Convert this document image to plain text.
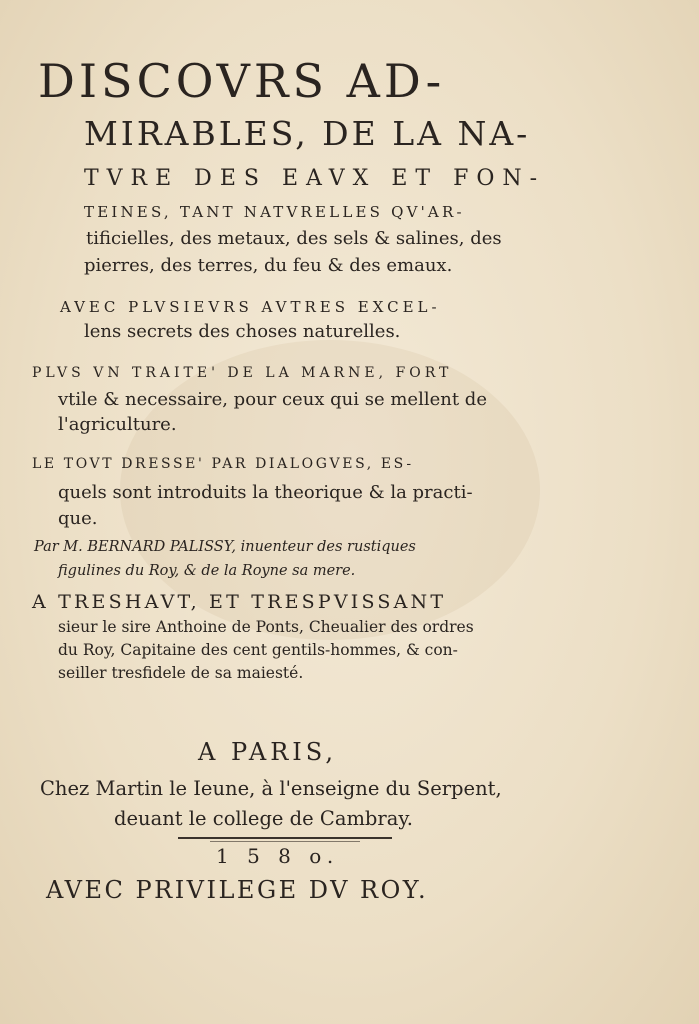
DISCOVRS AD-
MIRABLES, DE LA NA-
TVRE DES EAVX ET FON-
TEINES, TANT NATVRELLES QV'AR-
tificielles, des metaux, des sels & salines, des
pierres, des terres, du feu & des emaux.
AVEC PLVSIEVRS AVTRES EXCEL-
lens secrets des choses naturelles.
PLVS VN TRAITE' DE LA MARNE, FORT
vtile & necessaire, pour ceux qui se mellent de
l'agriculture.
LE TOVT DRESSE' PAR DIALOGVES, ES-
quels sont introduits la theorique & la practi-
que.
Par M. BERNARD PALISSY, inuenteur des rustiques
figulines du Roy, & de la Royne sa mere.
A TRESHAVT, ET TRESPVISSANT
sieur le sire Anthoine de Ponts, Cheualier des ordres
du Roy, Capitaine des cent gentils-hommes, & con-
seiller tresfidele de sa maiesté.
A PARIS,
Chez Martin le Ieune, à l'enseigne du Serpent,
deuant le college de Cambray.
1 5 8 o.
AVEC PRIVILEGE DV ROY.
